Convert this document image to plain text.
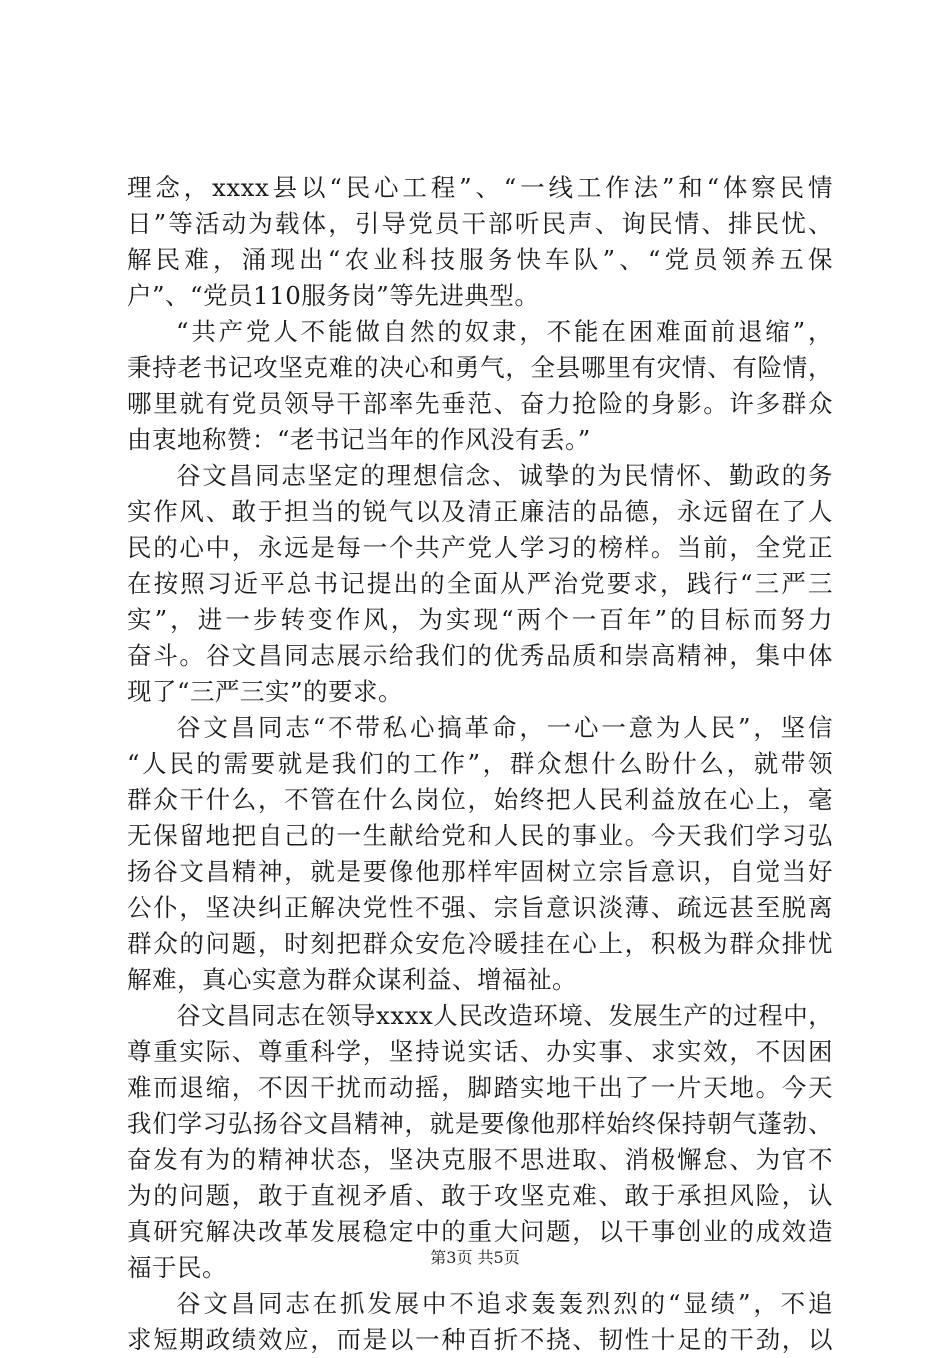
理念，xxxx县以“民心工程”、“一线工作法”和“体察民情
日”等活动为载体，引导党员干部听民声、询民情、排民忧、
解民难，涌现出“农业科技服务快车队”、“党员领养五保
户”、“党员110服务岗”等先进典型。
“共产党人不能做自然的奴隶，不能在困难面前退缩”，
秉持老书记攻坚克难的决心和勇气，全县哪里有灾情、有险情，
哪里就有党员领导干部率先垂范、奋力抢险的身影。许多群众
由衷地称赞：“老书记当年的作风没有丢。”
谷文昌同志坚定的理想信念、诚挚的为民情怀、勤政的务
实作风、敢于担当的锐气以及清正廉洁的品德，永远留在了人
民的心中，永远是每一个共产党人学习的榜样。当前，全党正
在按照习近平总书记提出的全面从严治党要求，践行“三严三
实”，进一步转变作风，为实现“两个一百年”的目标而努力
奋斗。谷文昌同志展示给我们的优秀品质和崇高精神，集中体
现了“三严三实”的要求。
谷文昌同志“不带私心搞革命，一心一意为人民”，坚信
“人民的需要就是我们的工作”，群众想什么盼什么，就带领
群众干什么，不管在什么岗位，始终把人民利益放在心上，毫
无保留地把自己的一生献给党和人民的事业。今天我们学习弘
扬谷文昌精神，就是要像他那样牢固树立宗旨意识，自觉当好
公仆，坚决纠正解决党性不强、宗旨意识淡薄、疏远甚至脱离
群众的问题，时刻把群众安危冷暖挂在心上，积极为群众排忧
解难，真心实意为群众谋利益、增福祉。
谷文昌同志在领导xxxx人民改造环境、发展生产的过程中，
尊重实际、尊重科学，坚持说实话、办实事、求实效，不因困
难而退缩，不因干扰而动摇，脚踏实地干出了一片天地。今天
我们学习弘扬谷文昌精神，就是要像他那样始终保持朝气蓬勃、
奋发有为的精神状态，坚决克服不思进取、消极懈怠、为官不
为的问题，敢于直视矛盾、敢于攻坚克难、敢于承担风险，认
真研究解决改革发展稳定中的重大问题，以干事创业的成效造
福于民。
谷文昌同志在抓发展中不追求轰轰烈烈的“显绩”，不追
求短期政绩效应，而是以一种百折不挠、韧性十足的干劲，以
第3页 共5页
